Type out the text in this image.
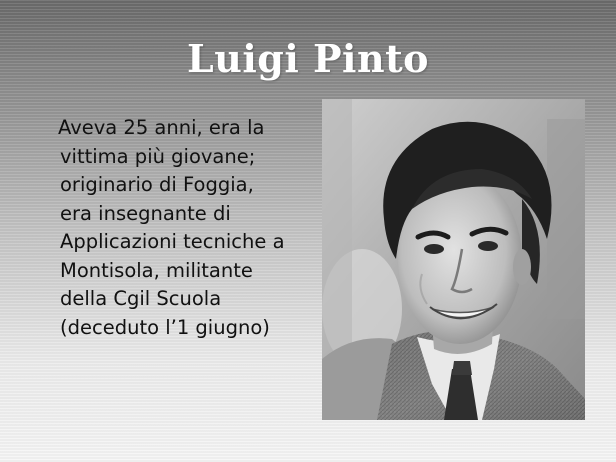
Luigi Pinto
Aveva 25 anni, era la
vittima più giovane;
originario di Foggia,
era insegnante di
Applicazioni tecniche a
Montisola, militante
della Cgil Scuola
(deceduto l’1 giugno)
